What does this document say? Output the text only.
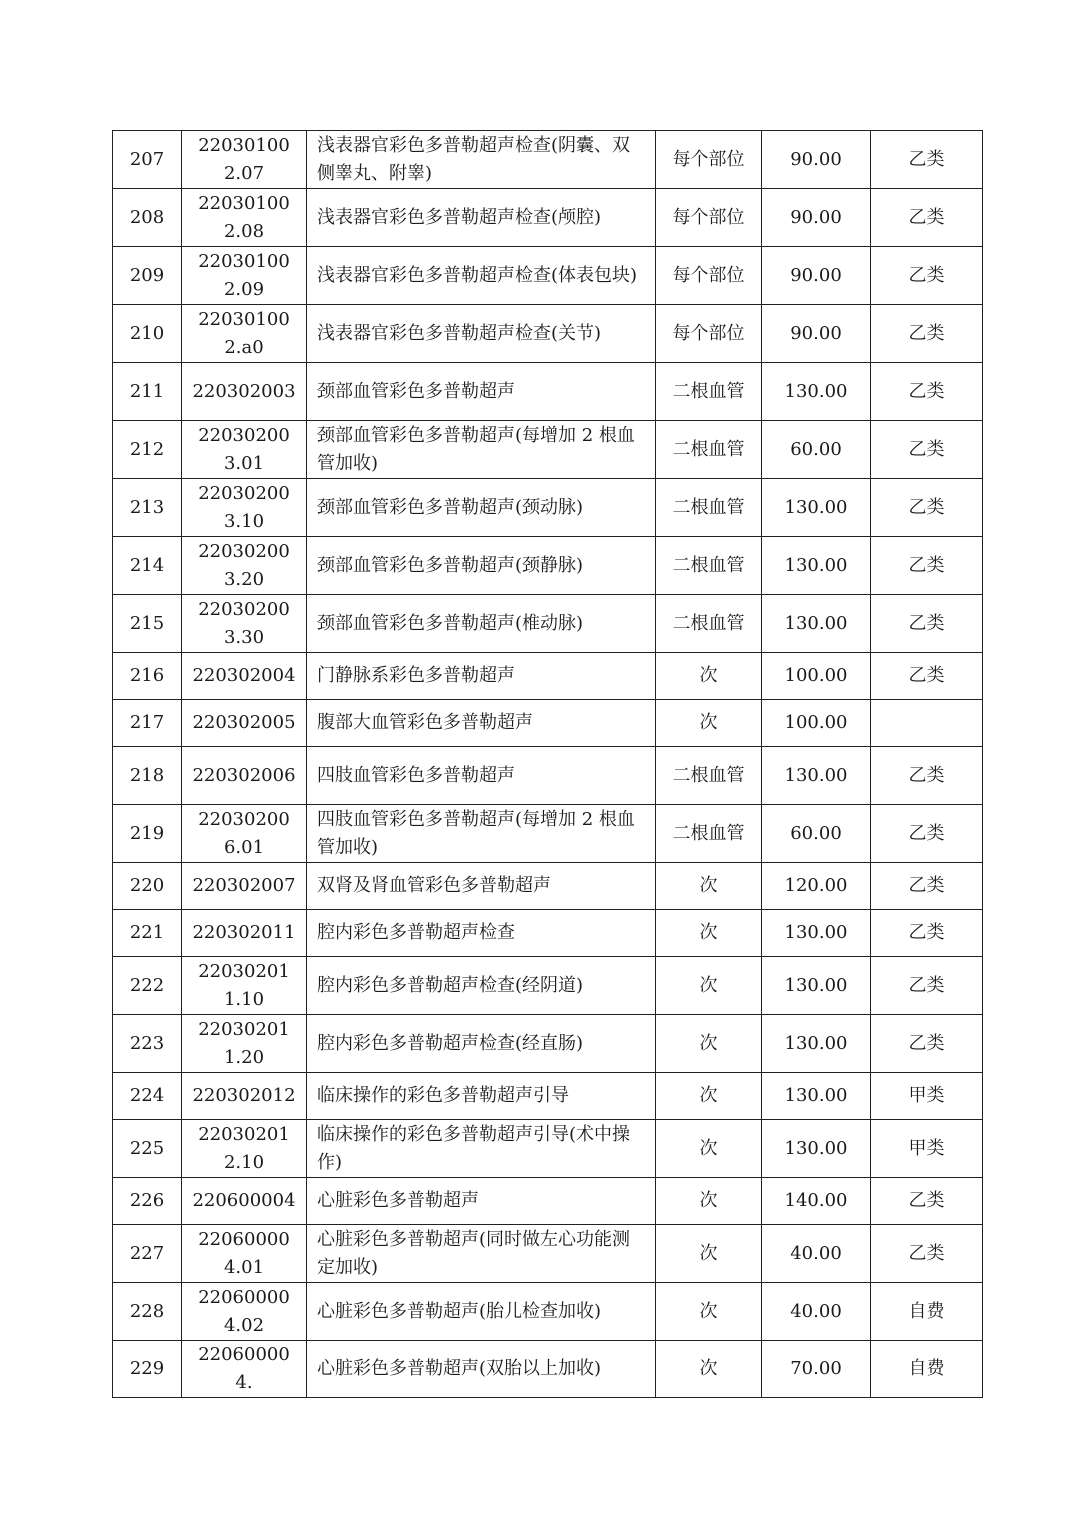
207	220301002.07	浅表器官彩色多普勒超声检查(阴囊、双侧睾丸、附睾)	每个部位	90.00	乙类
208	220301002.08	浅表器官彩色多普勒超声检查(颅腔)	每个部位	90.00	乙类
209	220301002.09	浅表器官彩色多普勒超声检查(体表包块)	每个部位	90.00	乙类
210	220301002.a0	浅表器官彩色多普勒超声检查(关节)	每个部位	90.00	乙类
211	220302003	颈部血管彩色多普勒超声	二根血管	130.00	乙类
212	220302003.01	颈部血管彩色多普勒超声(每增加 2 根血管加收)	二根血管	60.00	乙类
213	220302003.10	颈部血管彩色多普勒超声(颈动脉)	二根血管	130.00	乙类
214	220302003.20	颈部血管彩色多普勒超声(颈静脉)	二根血管	130.00	乙类
215	220302003.30	颈部血管彩色多普勒超声(椎动脉)	二根血管	130.00	乙类
216	220302004	门静脉系彩色多普勒超声	次	100.00	乙类
217	220302005	腹部大血管彩色多普勒超声	次	100.00	
218	220302006	四肢血管彩色多普勒超声	二根血管	130.00	乙类
219	220302006.01	四肢血管彩色多普勒超声(每增加 2 根血管加收)	二根血管	60.00	乙类
220	220302007	双肾及肾血管彩色多普勒超声	次	120.00	乙类
221	220302011	腔内彩色多普勒超声检查	次	130.00	乙类
222	220302011.10	腔内彩色多普勒超声检查(经阴道)	次	130.00	乙类
223	220302011.20	腔内彩色多普勒超声检查(经直肠)	次	130.00	乙类
224	220302012	临床操作的彩色多普勒超声引导	次	130.00	甲类
225	220302012.10	临床操作的彩色多普勒超声引导(术中操作)	次	130.00	甲类
226	220600004	心脏彩色多普勒超声	次	140.00	乙类
227	220600004.01	心脏彩色多普勒超声(同时做左心功能测定加收)	次	40.00	乙类
228	220600004.02	心脏彩色多普勒超声(胎儿检查加收)	次	40.00	自费
229	220600004.	心脏彩色多普勒超声(双胎以上加收)	次	70.00	自费
